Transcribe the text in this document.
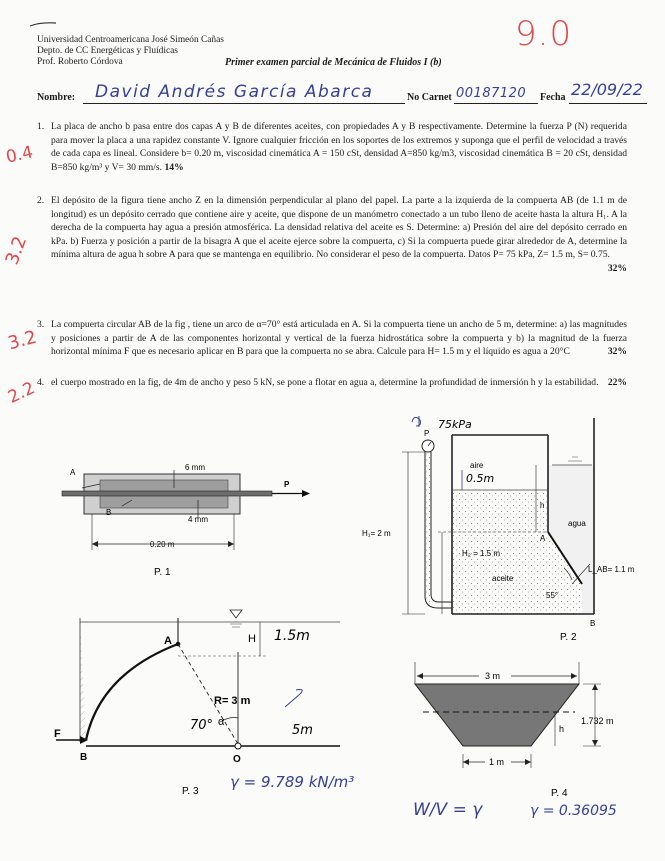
9.0
Universidad Centroamericana José Simeón Cañas
Depto. de CC Energéticas y Fluídicas
Prof. Roberto Córdova	Primer examen parcial de Mecánica de Fluidos I (b)
Nombre: David Andrés García Abarca	No Carnet 00187120 Fecha 22/09/22
1. La placa de ancho b pasa entre dos capas A y B de diferentes aceites, con propiedades A y B respectivamente. Determine la fuerza P (N) requerida para mover la placa a una rapidez constante V. Ignore cualquier fricción en los soportes de los extremos y suponga que el perfil de velocidad a través de cada capa es lineal. Considere b= 0.20 m, viscosidad cinemática A = 150 cSt, densidad A=850 kg/m3, viscosidad cinemática B = 20 cSt, densidad B=850 kg/m³ y V= 30 mm/s. 14%
0.4
2. El depósito de la figura tiene ancho Z en la dimensión perpendicular al plano del papel. La parte a la izquierda de la compuerta AB (de 1.1 m de longitud) es un depósito cerrado que contiene aire y aceite, que dispone de un manómetro conectado a un tubo lleno de aceite hasta la altura H₁. A la derecha de la compuerta hay agua a presión atmosférica. La densidad relativa del aceite es S. Determine: a) Presión del aire del depósito cerrado en kPa. b) Fuerza y posición a partir de la bisagra A que el aceite ejerce sobre la compuerta, c) Si la compuerta puede girar alrededor de A, determine la mínima altura de agua h sobre A para que se mantenga en equilibrio. No considerar el peso de la compuerta. Datos P= 75 kPa, Z= 1.5 m, S= 0.75.
32%
3.2
3. La compuerta circular AB de la fig , tiene un arco de α=70° está articulada en A. Si la compuerta tiene un ancho de 5 m, determine: a) las magnitudes y posiciones a partir de A de las componentes horizontal y vertical de la fuerza hidrostática sobre la compuerta y b) la magnitud de la fuerza horizontal mínima F que es necesario aplicar en B para que la compuerta no se abra. Calcule para H= 1.5 m y el líquido es agua a 20°C	32%
3.2
4. el cuerpo mostrado en la fig, de 4m de ancho y peso 5 kN, se pone a flotar en agua a, determine la profundidad de inmersión h y la estabilidad. 22%
2.2
A
B
6 mm
4 mm
P
0.20 m
P. 1
75kPa
0.5m
P
aire
agua
h
aceite
H₁= 2 m
H₂ = 1.5 m
A
B
L_AB= 1.1 m
55°
P. 2
5m
1.5m
70°
H
A
B	O
R= 3 m
α
F
P. 3
3 m
1 m
1.732 m
h
P. 4
γ = 9.789 kN/m³
W/V = γ	γ = 0.36095
